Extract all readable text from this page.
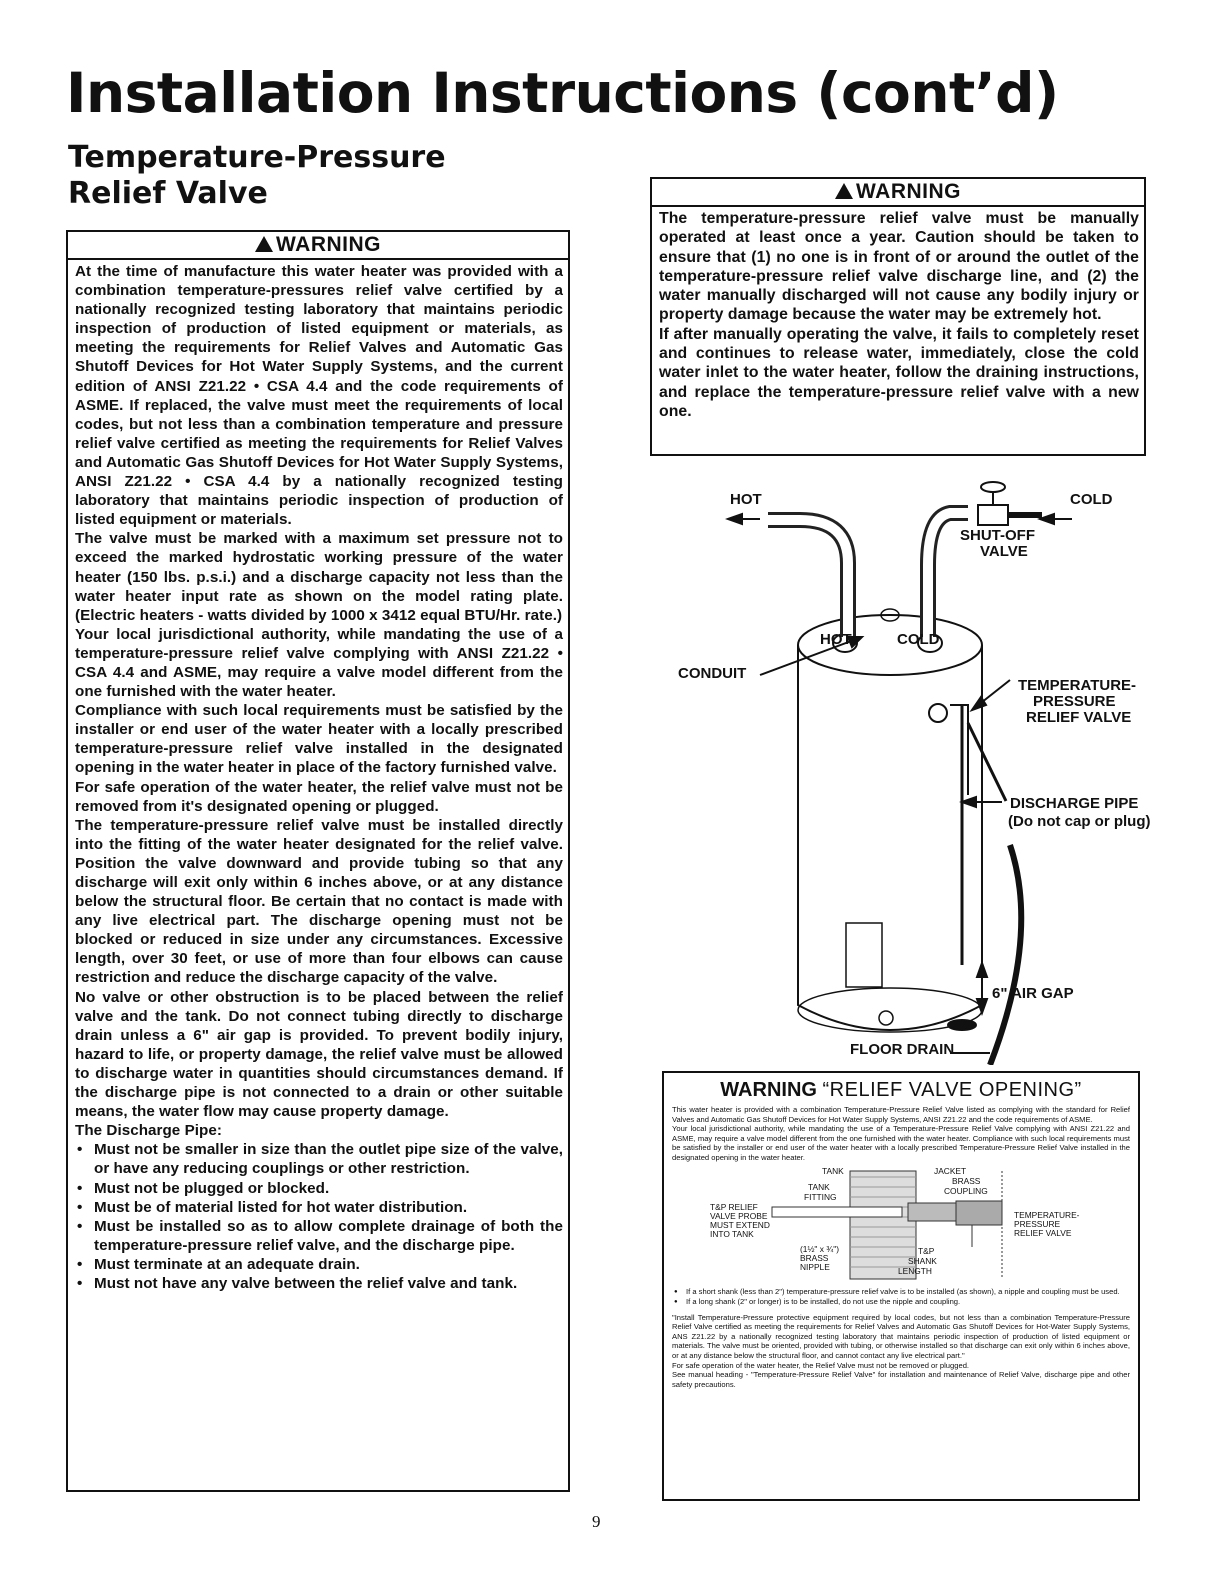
Installation Instructions (cont’d)
Temperature-Pressure Relief Valve
WARNING

At the time of manufacture this water heater was provided with a combination temperature-pressures relief valve certified by a nationally recognized testing laboratory that maintains periodic inspection of production of listed equipment or materials, as meeting the requirements for Relief Valves and Automatic Gas Shutoff Devices for Hot Water Supply Systems, and the current edition of ANSI Z21.22 • CSA 4.4 and the code requirements of ASME. If replaced, the valve must meet the requirements of local codes, but not less than a combination temperature and pressure relief valve certified as meeting the requirements for Relief Valves and Automatic Gas Shutoff Devices for Hot Water Supply Systems, ANSI Z21.22 • CSA 4.4 by a nationally recognized testing laboratory that maintains periodic inspection of production of listed equipment or materials.

The valve must be marked with a maximum set pressure not to exceed the marked hydrostatic working pressure of the water heater (150 lbs. p.s.i.) and a discharge capacity not less than the water heater input rate as shown on the model rating plate. (Electric heaters - watts divided by 1000 x 3412 equal BTU/Hr. rate.)

Your local jurisdictional authority, while mandating the use of a temperature-pressure relief valve complying with ANSI Z21.22 • CSA 4.4 and ASME, may require a valve model different from the one furnished with the water heater.

Compliance with such local requirements must be satisfied by the installer or end user of the water heater with a locally prescribed temperature-pressure relief valve installed in the designated opening in the water heater in place of the factory furnished valve.

For safe operation of the water heater, the relief valve must not be removed from it's designated opening or plugged.

The temperature-pressure relief valve must be installed directly into the fitting of the water heater designated for the relief valve. Position the valve downward and provide tubing so that any discharge will exit only within 6 inches above, or at any distance below the structural floor. Be certain that no contact is made with any live electrical part. The discharge opening must not be blocked or reduced in size under any circumstances. Excessive length, over 30 feet, or use of more than four elbows can cause restriction and reduce the discharge capacity of the valve.

No valve or other obstruction is to be placed between the relief valve and the tank. Do not connect tubing directly to discharge drain unless a 6" air gap is provided. To prevent bodily injury, hazard to life, or property damage, the relief valve must be allowed to discharge water in quantities should circumstances demand. If the discharge pipe is not connected to a drain or other suitable means, the water flow may cause property damage.

The Discharge Pipe:

• Must not be smaller in size than the outlet pipe size of the valve, or have any reducing couplings or other restriction.
• Must not be plugged or blocked.
• Must be of material listed for hot water distribution.
• Must be installed so as to allow complete drainage of both the temperature-pressure relief valve, and the discharge pipe.
• Must terminate at an adequate drain.
• Must not have any valve between the relief valve and tank.
WARNING

The temperature-pressure relief valve must be manually operated at least once a year. Caution should be taken to ensure that (1) no one is in front of or around the outlet of the temperature-pressure relief valve discharge line, and (2) the water manually discharged will not cause any bodily injury or property damage because the water may be extremely hot.

If after manually operating the valve, it fails to completely reset and continues to release water, immediately, close the cold water inlet to the water heater, follow the draining instructions, and replace the temperature-pressure relief valve with a new one.

HOT	COLD
SHUT-OFF
VALVE
HOT	COLD
CONDUIT
TEMPERATURE-
PRESSURE
RELIEF VALVE
DISCHARGE PIPE
(Do not cap or plug)
6" AIR GAP
FLOOR DRAIN
WARNING “RELIEF VALVE OPENING”

This water heater is provided with a combination Temperature-Pressure Relief Valve listed as complying with the standard for Relief Valves and Automatic Gas Shutoff Devices for Hot Water Supply Systems, ANSI Z21.22 and the code requirements of ASME.

Your local jurisdictional authority, while mandating the use of a Temperature-Pressure Relief Valve complying with ANSI Z21.22 and ASME, may require a valve model different from the one furnished with the water heater. Compliance with such local requirements must be satisfied by the installer or end user of the water heater with a locally prescribed Temperature-Pressure Relief Valve installed in the designated opening in the water heater.

TANK
TANK
FITTING
T&P RELIEF
VALVE PROBE
MUST EXTEND
INTO TANK
JACKET
BRASS
COUPLING
TEMPERATURE-
PRESSURE
RELIEF VALVE
(1½" x ¾")
BRASS
NIPPLE
T&P
SHANK
LENGTH
● If a short shank (less than 2") temperature-pressure relief valve is to be installed (as shown), a nipple and coupling must be used.
● If a long shank (2" or longer) is to be installed, do not use the nipple and coupling.

"Install Temperature-Pressure protective equipment required by local codes, but not less than a combination Temperature-Pressure Relief Valve certified as meeting the requirements for Relief Valves and Automatic Gas Shutoff Devices for Hot-Water Supply Systems, ANS Z21.22 by a nationally recognized testing laboratory that maintains periodic inspection of production of listed equipment or materials. The valve must be oriented, provided with tubing, or otherwise installed so that discharge can exit only within 6 inches above, or at any distance below the structural floor, and cannot contact any live electrical part."

For safe operation of the water heater, the Relief Valve must not be removed or plugged.

See manual heading - "Temperature-Pressure Relief Valve" for installation and maintenance of Relief Valve, discharge pipe and other safety precautions.

9
